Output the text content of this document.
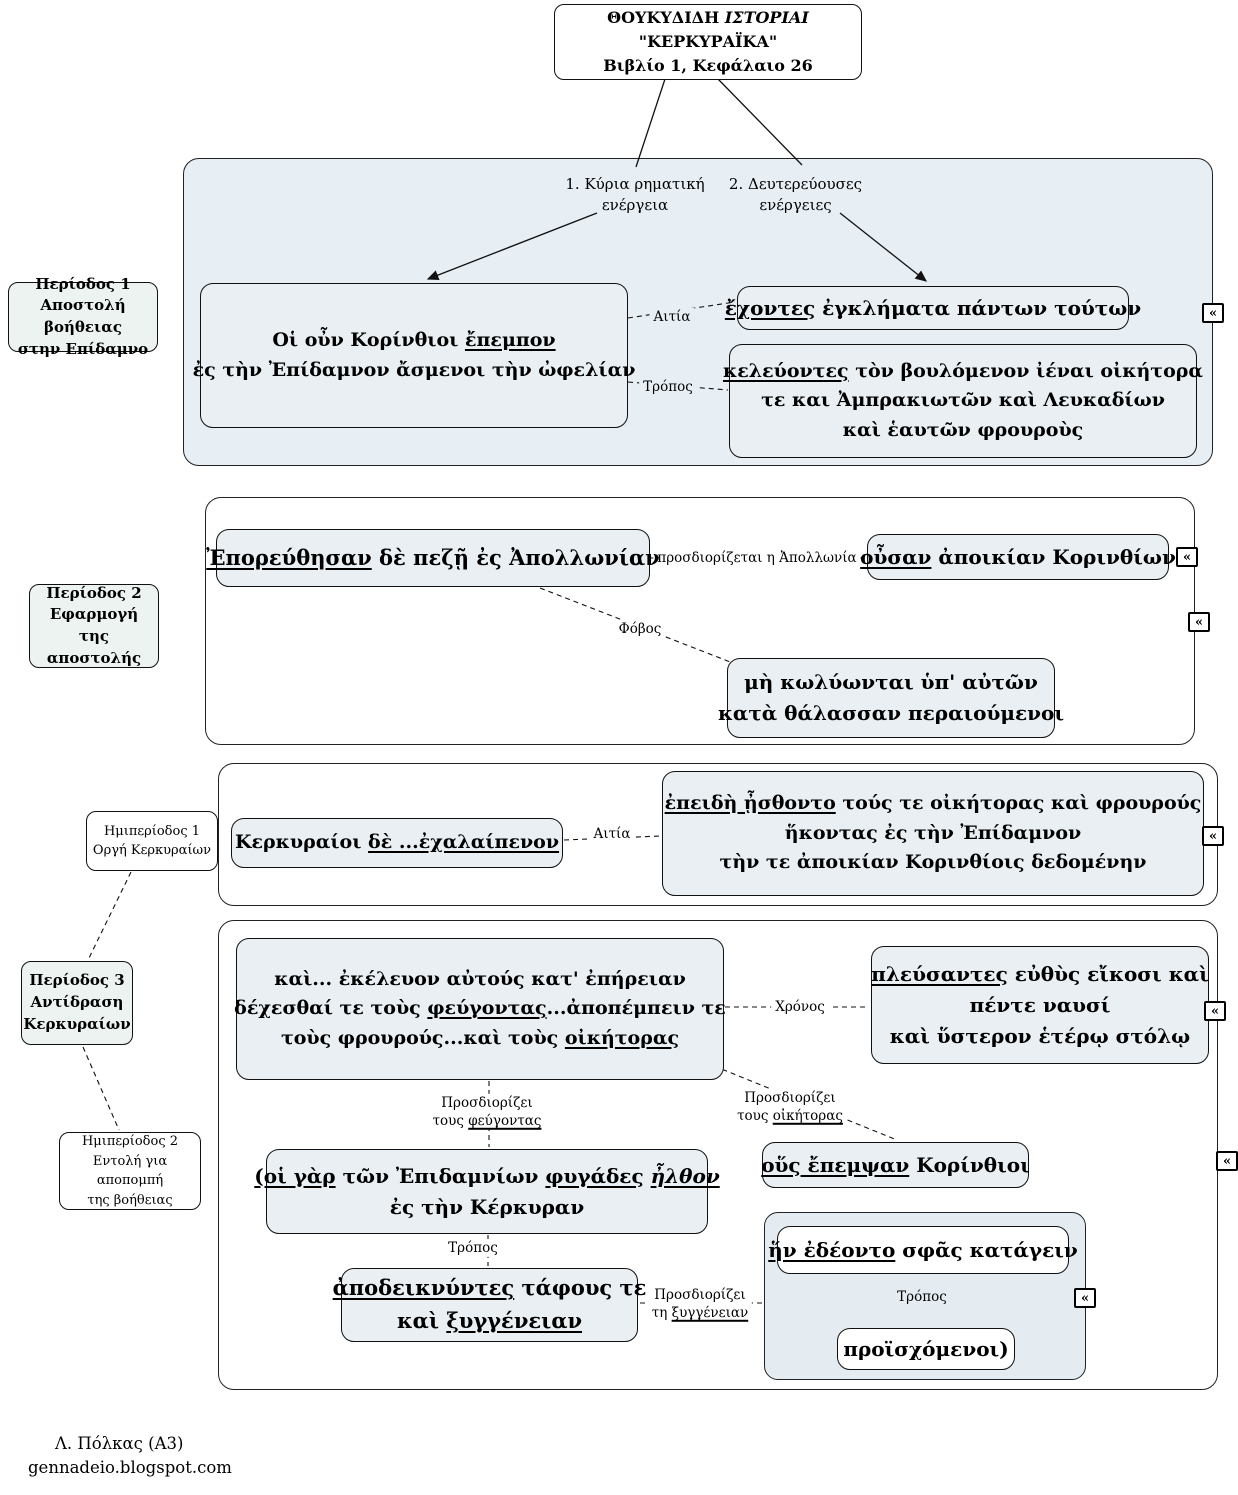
ΘΟΥΚΥΔΙΔΗ ΙΣΤΟΡΙΑΙ
"ΚΕΡΚΥΡΑΪΚΑ"
Βιβλίο 1, Κεφάλαιο 26
1. Κύρια ρηματική
ενέργεια
2. Δευτερεύουσες
ενέργειες
Περίοδος 1
Αποστολή βοήθειας
στην Επίδαμνο
Περίοδος 2
Εφαρμογή
της αποστολής
Ημιπερίοδος 1
Οργή Κερκυραίων
Περίοδος 3
Αντίδραση
Κερκυραίων
Ημιπερίοδος 2
Εντολή για αποπομπή
της βοήθειας
Οἱ οὖν Κορίνθιοι ἔπεμπον
ἐς τὴν Ἐπίδαμνον ἄσμενοι τὴν ὠφελίαν
ἔχοντες ἐγκλήματα πάντων τούτων
κελεύοντες τὸν βουλόμενον ἰέναι οἰκήτορα
τε και Ἀμπρακιωτῶν καὶ Λευκαδίων
καὶ ἑαυτῶν φρουροὺς
Ἐπορεύθησαν δὲ πεζῇ ἐς Ἀπολλωνίαν	οὖσαν ἀποικίαν Κορινθίων
μὴ κωλύωνται ὑπ' αὐτῶν
κατὰ θάλασσαν περαιούμενοι
Κερκυραίοι δὲ ...ἐχαλαίπενον
ἐπειδὴ ᾖσθοντο τούς τε οἰκήτορας καὶ φρουρούς
ἥκοντας ἐς τὴν Ἐπίδαμνον
τὴν τε ἀποικίαν Κορινθίοις δεδομένην
καὶ... ἐκέλευον αὐτούς κατ' ἐπήρειαν
δέχεσθαί τε τοὺς φεύγοντας...ἀποπέμπειν τε
τοὺς φρουρούς...καὶ τοὺς οἰκήτορας
πλεύσαντες εὐθὺς εἴκοσι καὶ
πέντε ναυσί
καὶ ὕστερον ἑτέρῳ στόλῳ
(οἱ γὰρ τῶν Ἐπιδαμνίων φυγάδες ἦλθον
ἐς τὴν Κέρκυραν
οὕς ἔπεμψαν Κορίνθιοι
ἀποδεικνύντες τάφους τε
καὶ ξυγγένειαν
ἥν ἐδέοντο σφᾶς κατάγειν
προϊσχόμενοι)
Αιτία
Τρόπος
προσδιορίζεται η Ἀπολλωνία
Φόβος
Αιτία
Χρόνος
Προσδιορίζει
τους φεύγοντας
Προσδιορίζει
τους οἰκήτορας
Τρόπος
Προσδιορίζει
τη ξυγγένειαν
Τρόπος
«
«
«
«
«
«
«
Λ. Πόλκας (Α3)
gennadeio.blogspot.com
